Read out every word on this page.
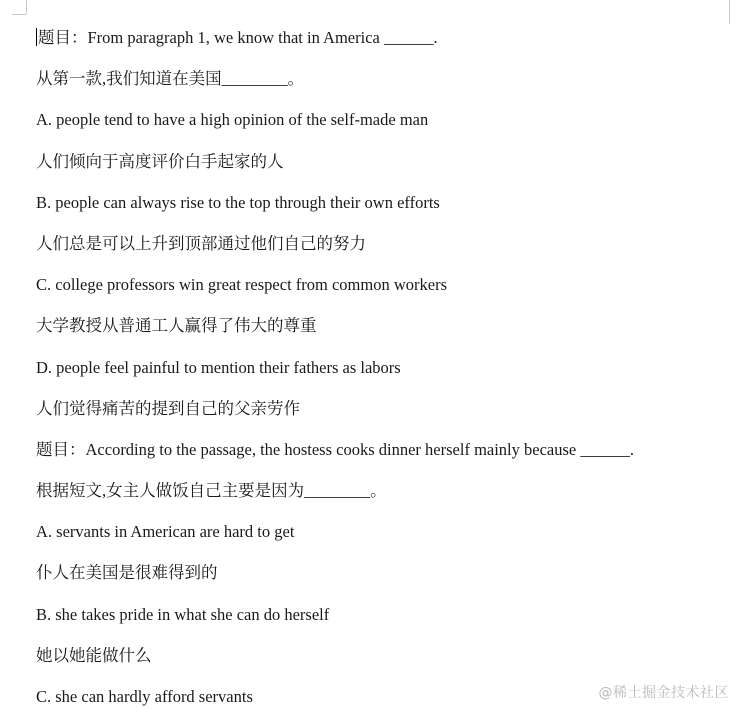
题目：From paragraph 1, we know that in America ______.
从第一款,我们知道在美国________。
A. people tend to have a high opinion of the self-made man
人们倾向于高度评价白手起家的人
B. people can always rise to the top through their own efforts
人们总是可以上升到顶部通过他们自己的努力
C. college professors win great respect from common workers
大学教授从普通工人赢得了伟大的尊重
D. people feel painful to mention their fathers as labors
人们觉得痛苦的提到自己的父亲劳作
题目：According to the passage, the hostess cooks dinner herself mainly because ______.
根据短文,女主人做饭自己主要是因为________。
A. servants in American are hard to get
仆人在美国是很难得到的
B. she takes pride in what she can do herself
她以她能做什么
C. she can hardly afford servants	@稀土掘金技术社区
